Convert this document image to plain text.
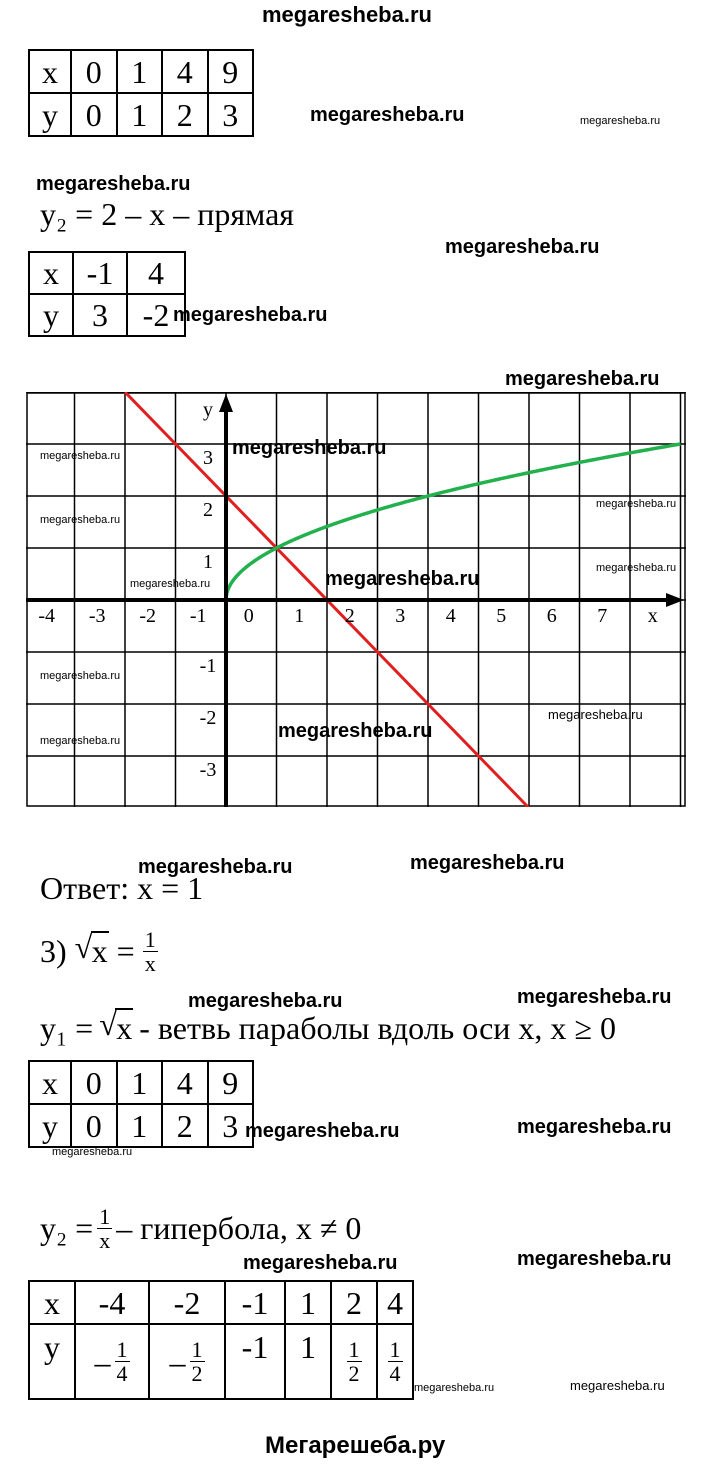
megaresheba.ru
x	0	1	4	9
y	0	1	2	3	megaresheba.ru	megaresheba.ru
megaresheba.ru
y₂ = 2 – x – прямая
megaresheba.ru
x	-1	4
y	3	-2 megaresheba.ru
megaresheba.ru
-4 -3 -2 -1 0 1 2 3 4 5 6 7 x
y
3
2
1
-1
-2
-3
megaresheba.ru
megaresheba.ru
megaresheba.ru
megaresheba.ru
megaresheba.ru
megaresheba.ru
megaresheba.ru
megaresheba.ru
megaresheba.ru
megaresheba.ru
megaresheba.ru
megaresheba.ru	megaresheba.ru
Ответ: x = 1
3) √ $x = \frac{1}{x}$
megaresheba.ru	megaresheba.ru
y₁ = √ x - ветвь параболы вдоль оси x, x ≥ 0
x	0	1	4	9
y	0	1	2	3 megaresheba.ru	megaresheba.ru
megaresheba.ru
$y_2 = \frac{1}{x}$ – гипербола, x ≠ 0
megaresheba.ru	megaresheba.ru
x	-4	-2	-1	1	2	4
y	– $\frac{1}{4}$	– $\frac{1}{2}$	-1	1	$\frac{1}{2}$	$\frac{1}{4}$
megaresheba.ru	megaresheba.ru
Мегарешеба.ру
